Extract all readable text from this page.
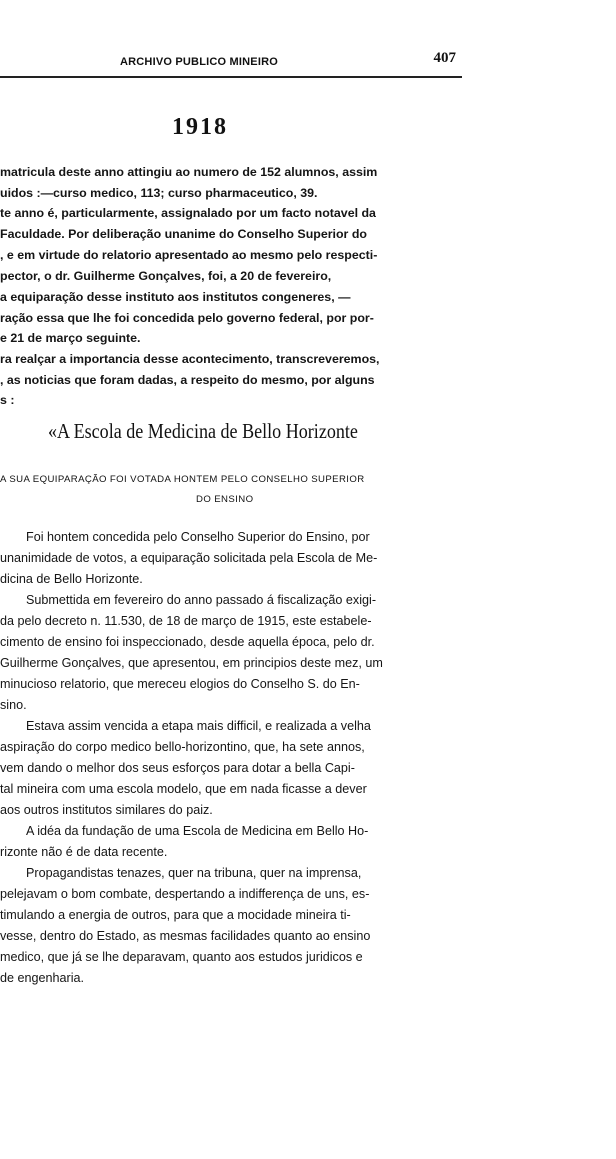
ARCHIVO PUBLICO MINEIRO	407
1918
matricula deste anno attingiu ao numero de 152 alumnos, assim
uidos :—curso medico, 113; curso pharmaceutico, 39.
te anno é, particularmente, assignalado por um facto notavel da
Faculdade. Por deliberação unanime do Conselho Superior do
, e em virtude do relatorio apresentado ao mesmo pelo respecti-
pector, o dr. Guilherme Gonçalves, foi, a 20 de fevereiro,
a equiparação desse instituto aos institutos congeneres, —
ração essa que lhe foi concedida pelo governo federal, por por-
e 21 de março seguinte.
ra realçar a importancia desse acontecimento, transcreveremos,
, as noticias que foram dadas, a respeito do mesmo, por alguns
s :
«A Escola de Medicina de Bello Horizonte
A SUA EQUIPARAÇÃO FOI VOTADA HONTEM PELO CONSELHO SUPERIOR
DO ENSINO
Foi hontem concedida pelo Conselho Superior do Ensino, por
unanimidade de votos, a equiparação solicitada pela Escola de Me-
dicina de Bello Horizonte.
Submettida em fevereiro do anno passado á fiscalização exigi-
da pelo decreto n. 11.530, de 18 de março de 1915, este estabele-
cimento de ensino foi inspeccionado, desde aquella época, pelo dr.
Guilherme Gonçalves, que apresentou, em principios deste mez, um
minucioso relatorio, que mereceu elogios do Conselho S. do En-
sino.
Estava assim vencida a etapa mais difficil, e realizada a velha
aspiração do corpo medico bello-horizontino, que, ha sete annos,
vem dando o melhor dos seus esforços para dotar a bella Capi-
tal mineira com uma escola modelo, que em nada ficasse a dever
aos outros institutos similares do paiz.
A idéa da fundação de uma Escola de Medicina em Bello Ho-
rizonte não é de data recente.
Propagandistas tenazes, quer na tribuna, quer na imprensa,
pelejavam o bom combate, despertando a indifferença de uns, es-
timulando a energia de outros, para que a mocidade mineira ti-
vesse, dentro do Estado, as mesmas facilidades quanto ao ensino
medico, que já se lhe deparavam, quanto aos estudos juridicos e
de engenharia.
